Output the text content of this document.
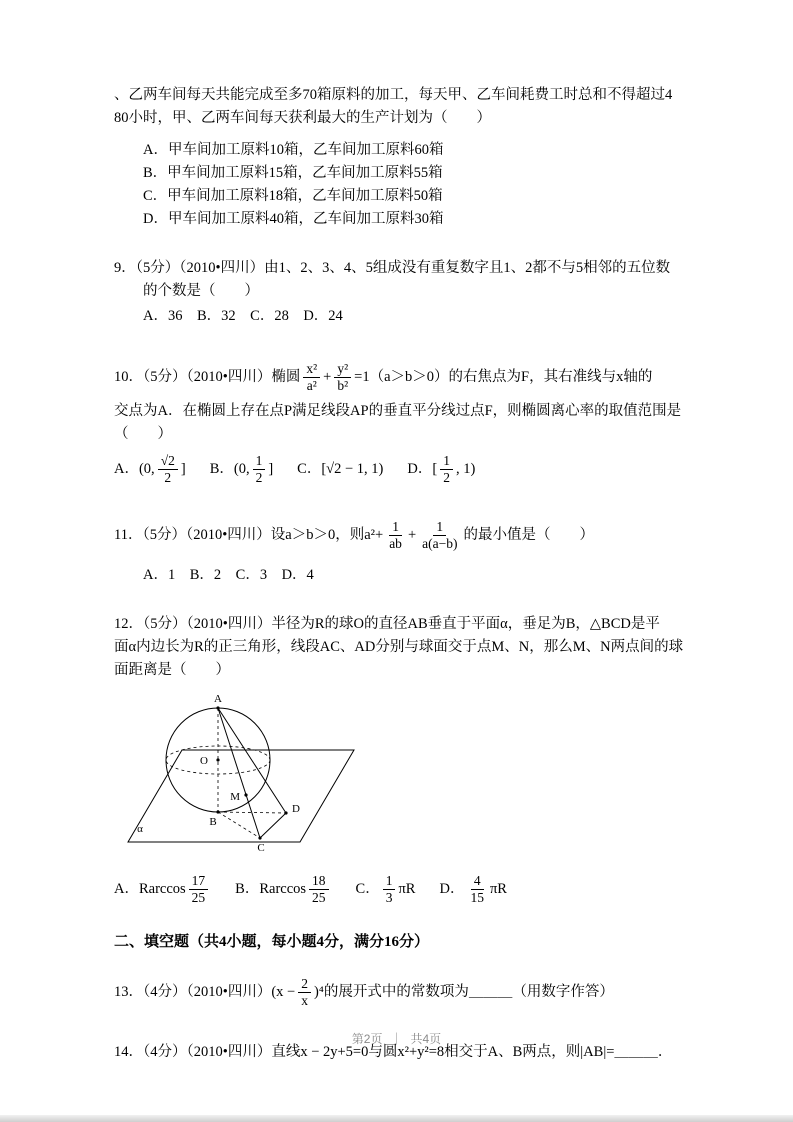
、乙两车间每天共能完成至多70箱原料的加工，每天甲、乙车间耗费工时总和不得超过4

80小时，甲、乙两车间每天获利最大的生产计划为（　　）

A．甲车间加工原料10箱，乙车间加工原料60箱

B．甲车间加工原料15箱，乙车间加工原料55箱

C．甲车间加工原料18箱，乙车间加工原料50箱

D．甲车间加工原料40箱，乙车间加工原料30箱

9．（5分）（2010•四川）由1、2、3、4、5组成没有重复数字且1、2都不与5相邻的五位数

的个数是（　　）

A．36　B．32　C．28　D．24

10．（5分）（2010•四川）椭圆 $\frac{\text{x²}}{\text{a²}} + \frac{\text{y²}}{\text{b²}} =1(a>b>0)$的右焦点为F，其右准线与x轴的

交点为A．在椭圆上存在点P满足线段AP的垂直平分线过点F，则椭圆离心率的取值范围是

（　　）

A．(0, $\frac{√2}{2}$ ] B．(0, $\frac{1}{2}$ ] C．[√2 − 1, 1) D．[ $\frac{1}{2}$ , 1)

11．（5分）（2010•四川）设a＞b＞0，则$a^2+ \frac{1}{ab} + \frac{1}{a(a-b)}$ 的最小值是（　　）

A．1　B．2　C．3　D．4

12．（5分）（2010•四川）半径为R的球O的直径AB垂直于平面α，垂足为B，△BCD是平

面α内边长为R的正三角形，线段AC、AD分别与球面交于点M、N，那么M、N两点间的球

面距离是（　　）

A
O
M
B
C
D
α

A．Rarccos $\frac{17}{25}$ B．Rarccos $\frac{18}{25}$ C． $\frac{1}{3}$ πR D． $\frac{4}{15}$ πR

二、填空题（共4小题，每小题4分，满分16分）

13．（4分）（2010•四川）$(x - \frac{2}{x} )^4$的展开式中的常数项为＿＿＿（用数字作答）

14．（4分）（2010•四川）直线x − 2y+5=0与圆x²+y²=8相交于A、B两点，则|AB|=＿＿＿．

第2页 ｜ 共4页
